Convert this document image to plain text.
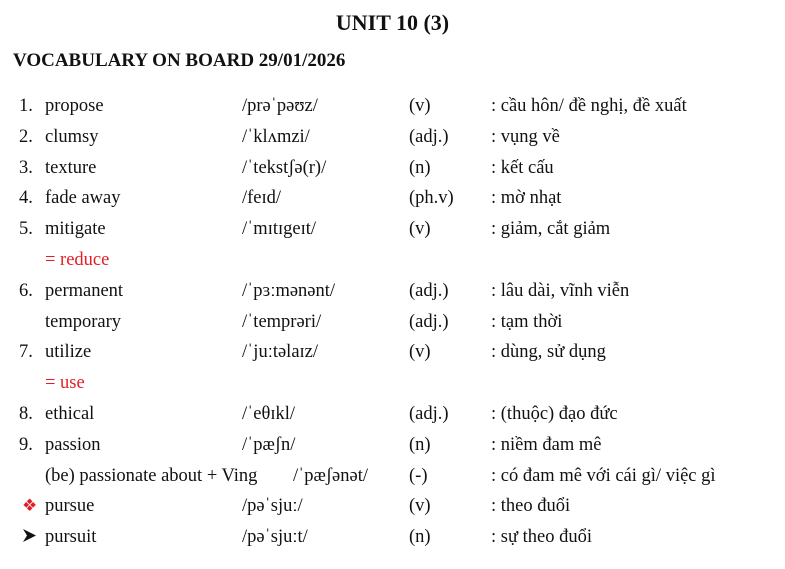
UNIT 10 (3)
VOCABULARY ON BOARD 29/01/2026
1. propose	/prəˈpəʊz/	(v)	: cầu hôn/ đề nghị, đề xuất
2. clumsy	/ˈklʌmzi/	(adj.) : vụng về
3. texture	/ˈtekstʃə(r)/	(n)	: kết cấu
4. fade away	/feɪd/	(ph.v) : mờ nhạt
5. mitigate	/ˈmɪtɪgeɪt/	(v)	: giảm, cắt giảm
= reduce
6. permanent	/ˈpɜːmənənt/	(adj.) : lâu dài, vĩnh viễn
temporary	/ˈtemprəri/	(adj.) : tạm thời
7. utilize	/ˈjuːtəlaɪz/	(v)	: dùng, sử dụng
= use
8. ethical	/ˈeθɪkl/	(adj.) : (thuộc) đạo đức
9. passion	/ˈpæʃn/	(n)	: niềm đam mê
(be) passionate about + Ving /ˈpæʃənət/ (-)	: có đam mê với cái gì/ việc gì
❖ pursue	/pəˈsjuː/	(v)	: theo đuổi
pursuit	/pəˈsjuːt/	(n)	: sự theo đuổi
